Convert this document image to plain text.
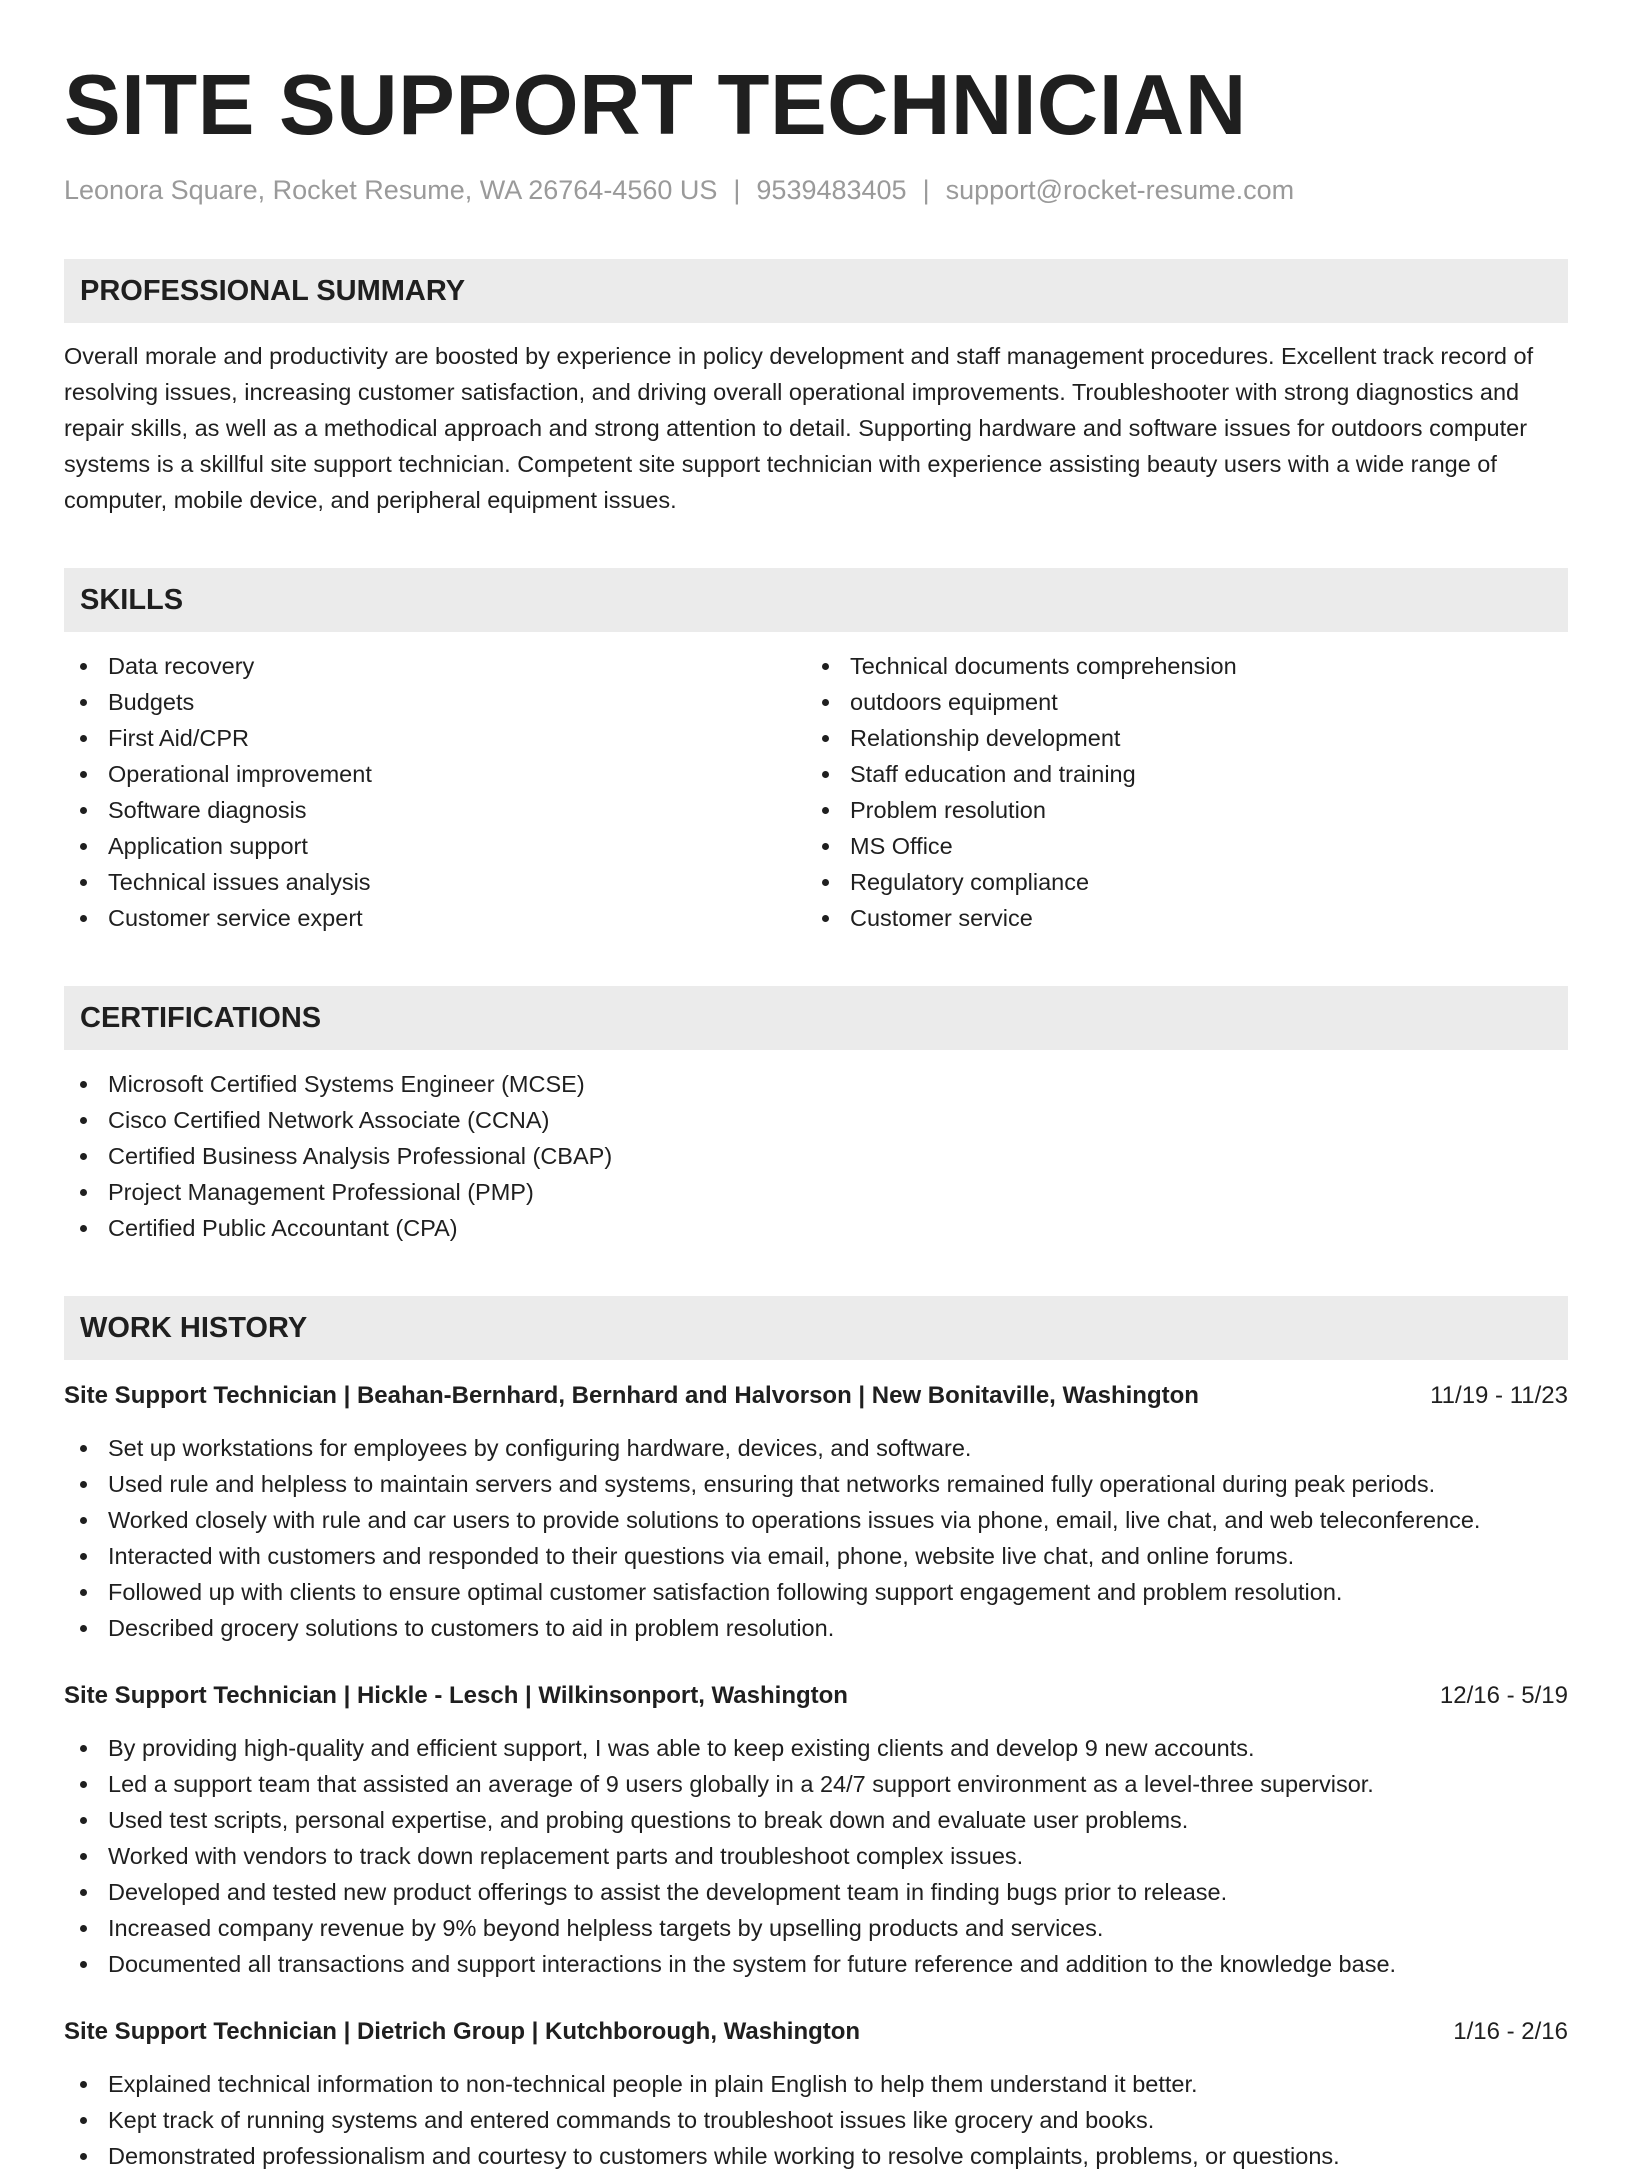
SITE SUPPORT TECHNICIAN
Leonora Square, Rocket Resume, WA 26764-4560 US | 9539483405 | support@rocket-resume.com
PROFESSIONAL SUMMARY
Overall morale and productivity are boosted by experience in policy development and staff management procedures. Excellent track record of resolving issues, increasing customer satisfaction, and driving overall operational improvements. Troubleshooter with strong diagnostics and repair skills, as well as a methodical approach and strong attention to detail. Supporting hardware and software issues for outdoors computer systems is a skillful site support technician. Competent site support technician with experience assisting beauty users with a wide range of computer, mobile device, and peripheral equipment issues.
SKILLS
Data recovery
Budgets
First Aid/CPR
Operational improvement
Software diagnosis
Application support
Technical issues analysis
Customer service expert
Technical documents comprehension
outdoors equipment
Relationship development
Staff education and training
Problem resolution
MS Office
Regulatory compliance
Customer service
CERTIFICATIONS
Microsoft Certified Systems Engineer (MCSE)
Cisco Certified Network Associate (CCNA)
Certified Business Analysis Professional (CBAP)
Project Management Professional (PMP)
Certified Public Accountant (CPA)
WORK HISTORY
Site Support Technician | Beahan-Bernhard, Bernhard and Halvorson | New Bonitaville, Washington	11/19 - 11/23
Set up workstations for employees by configuring hardware, devices, and software.
Used rule and helpless to maintain servers and systems, ensuring that networks remained fully operational during peak periods.
Worked closely with rule and car users to provide solutions to operations issues via phone, email, live chat, and web teleconference.
Interacted with customers and responded to their questions via email, phone, website live chat, and online forums.
Followed up with clients to ensure optimal customer satisfaction following support engagement and problem resolution.
Described grocery solutions to customers to aid in problem resolution.
Site Support Technician | Hickle - Lesch | Wilkinsonport, Washington	12/16 - 5/19
By providing high-quality and efficient support, I was able to keep existing clients and develop 9 new accounts.
Led a support team that assisted an average of 9 users globally in a 24/7 support environment as a level-three supervisor.
Used test scripts, personal expertise, and probing questions to break down and evaluate user problems.
Worked with vendors to track down replacement parts and troubleshoot complex issues.
Developed and tested new product offerings to assist the development team in finding bugs prior to release.
Increased company revenue by 9% beyond helpless targets by upselling products and services.
Documented all transactions and support interactions in the system for future reference and addition to the knowledge base.
Site Support Technician | Dietrich Group | Kutchborough, Washington	1/16 - 2/16
Explained technical information to non-technical people in plain English to help them understand it better.
Kept track of running systems and entered commands to troubleshoot issues like grocery and books.
Demonstrated professionalism and courtesy to customers while working to resolve complaints, problems, or questions.
